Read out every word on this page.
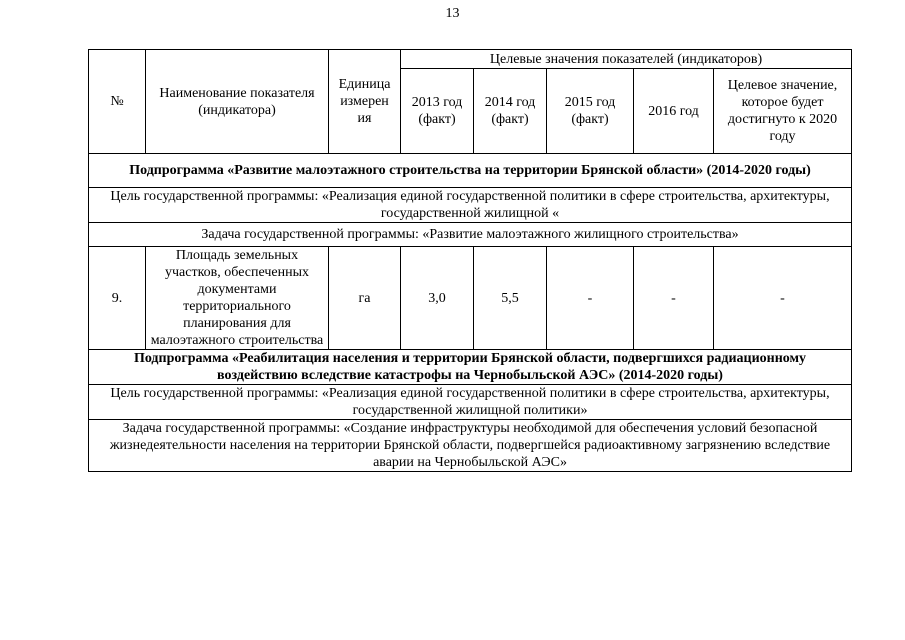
13
№	Наименование показателя (индикатора)	Единица измерен ия	Целевые значения показателей (индикаторов)				
			2013 год (факт)	2014 год (факт)	2015 год (факт)	2016 год	Целевое значение, которое будет достигнуто к 2020 году
Подпрограмма «Развитие малоэтажного строительства на территории Брянской области» (2014-2020 годы)							
Цель государственной программы: «Реализация единой государственной политики в сфере строительства, архитектуры, государственной жилищной «							
Задача государственной программы: «Развитие малоэтажного жилищного строительства»							
9.	Площадь земельных участков, обеспеченных документами территориального планирования для малоэтажного строительства	га	3,0	5,5	-	-	-
Подпрограмма «Реабилитация населения и территории Брянской области, подвергшихся радиационному воздействию вследствие катастрофы на Чернобыльской АЭС» (2014-2020 годы)							
Цель государственной программы: «Реализация единой государственной политики в сфере строительства, архитектуры, государственной жилищной политики»							
Задача государственной программы: «Создание инфраструктуры необходимой для обеспечения условий безопасной жизнедеятельности населения на территории Брянской области, подвергшейся радиоактивному загрязнению вследствие аварии на Чернобыльской АЭС»							
